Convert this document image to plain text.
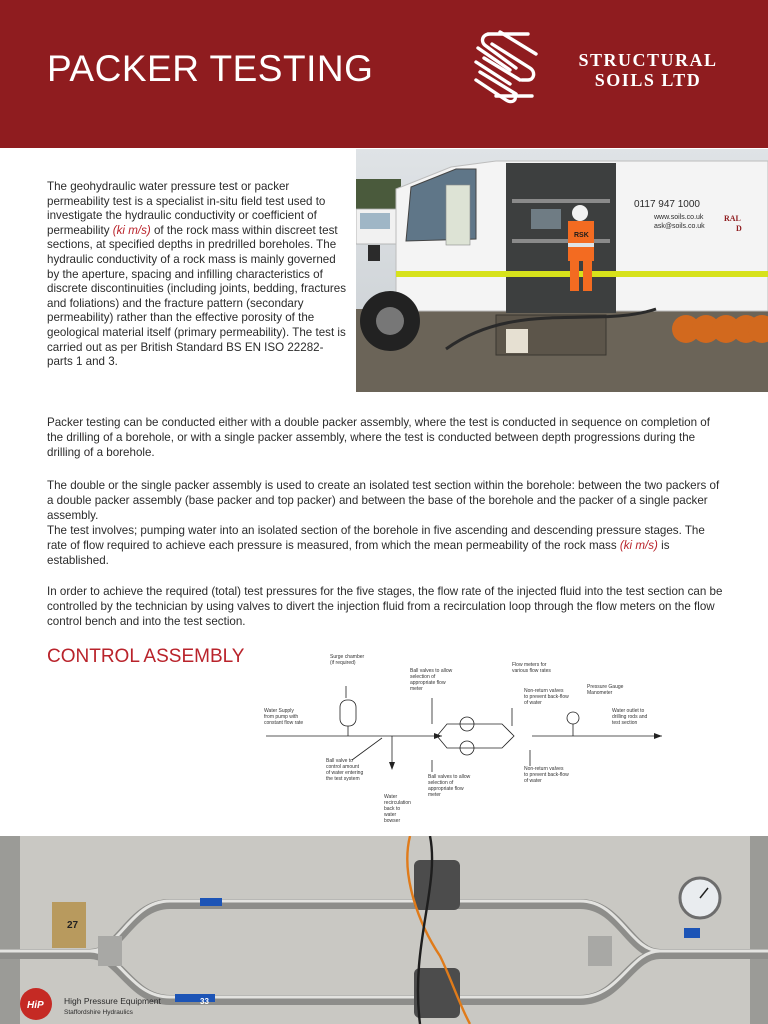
PACKER TESTING	STRUCTURAL
SOILS LTD

The geohydraulic water pressure test or packer permeability test is a specialist in-situ field test used to investigate the hydraulic conductivity or coefficient of permeability (ki m/s) of the rock mass within discreet test sections, at specified depths in predrilled boreholes. The hydraulic conductivity of a rock mass is mainly governed by the aperture, spacing and infilling characteristics of discrete discontinuities (including joints, bedding, fractures and foliations) and the fracture pattern (secondary permeability) rather than the effective porosity of the geological material itself (primary permeability). The test is carried out as per British Standard BS EN ISO 22282- parts 1 and 3.

RSK
0117 947 1000
www.soils.co.uk
ask@soils.co.uk
RAL
D

Packer testing can be conducted either with a double packer assembly, where the test is conducted in sequence on completion of the drilling of a borehole, or with a single packer assembly, where the test is conducted between depth progressions during the drilling of a borehole.

The double or the single packer assembly is used to create an isolated test section within the borehole: between the two packers of a double packer assembly (base packer and top packer) and between the base of the borehole and the packer of a single packer assembly.

The test involves; pumping water into an isolated section of the borehole in five ascending and descending pressure stages. The rate of flow required to achieve each pressure is measured, from which the mean permeability of the rock mass (ki m/s) is established.

In order to achieve the required (total) test pressures for the five stages, the flow rate of the injected fluid into the test section can be controlled by the technician by using valves to divert the injection fluid from a recirculation loop through the flow meters on the flow control bench and into the test section.

CONTROL ASSEMBLY	Surge chamber
(if required)
Ball valves to allow
selection of
appropriate flow
meter
Flow meters for
various flow rates
Non-return valves
to prevent back-flow
of water
Pressure Gauge
Manometer
Water Supply
from pump with
constant flow rate
Water outlet to
drilling rods and
test section
Ball valve to
control amount
of water entering
the test system	Ball valves to allow
selection of
appropriate flow
meter
Water
recirculation
back to
water
bowser
Non-return valves
to prevent back-flow
of water
27
33
HiP High Pressure Equipment
Staffordshire Hydraulics
